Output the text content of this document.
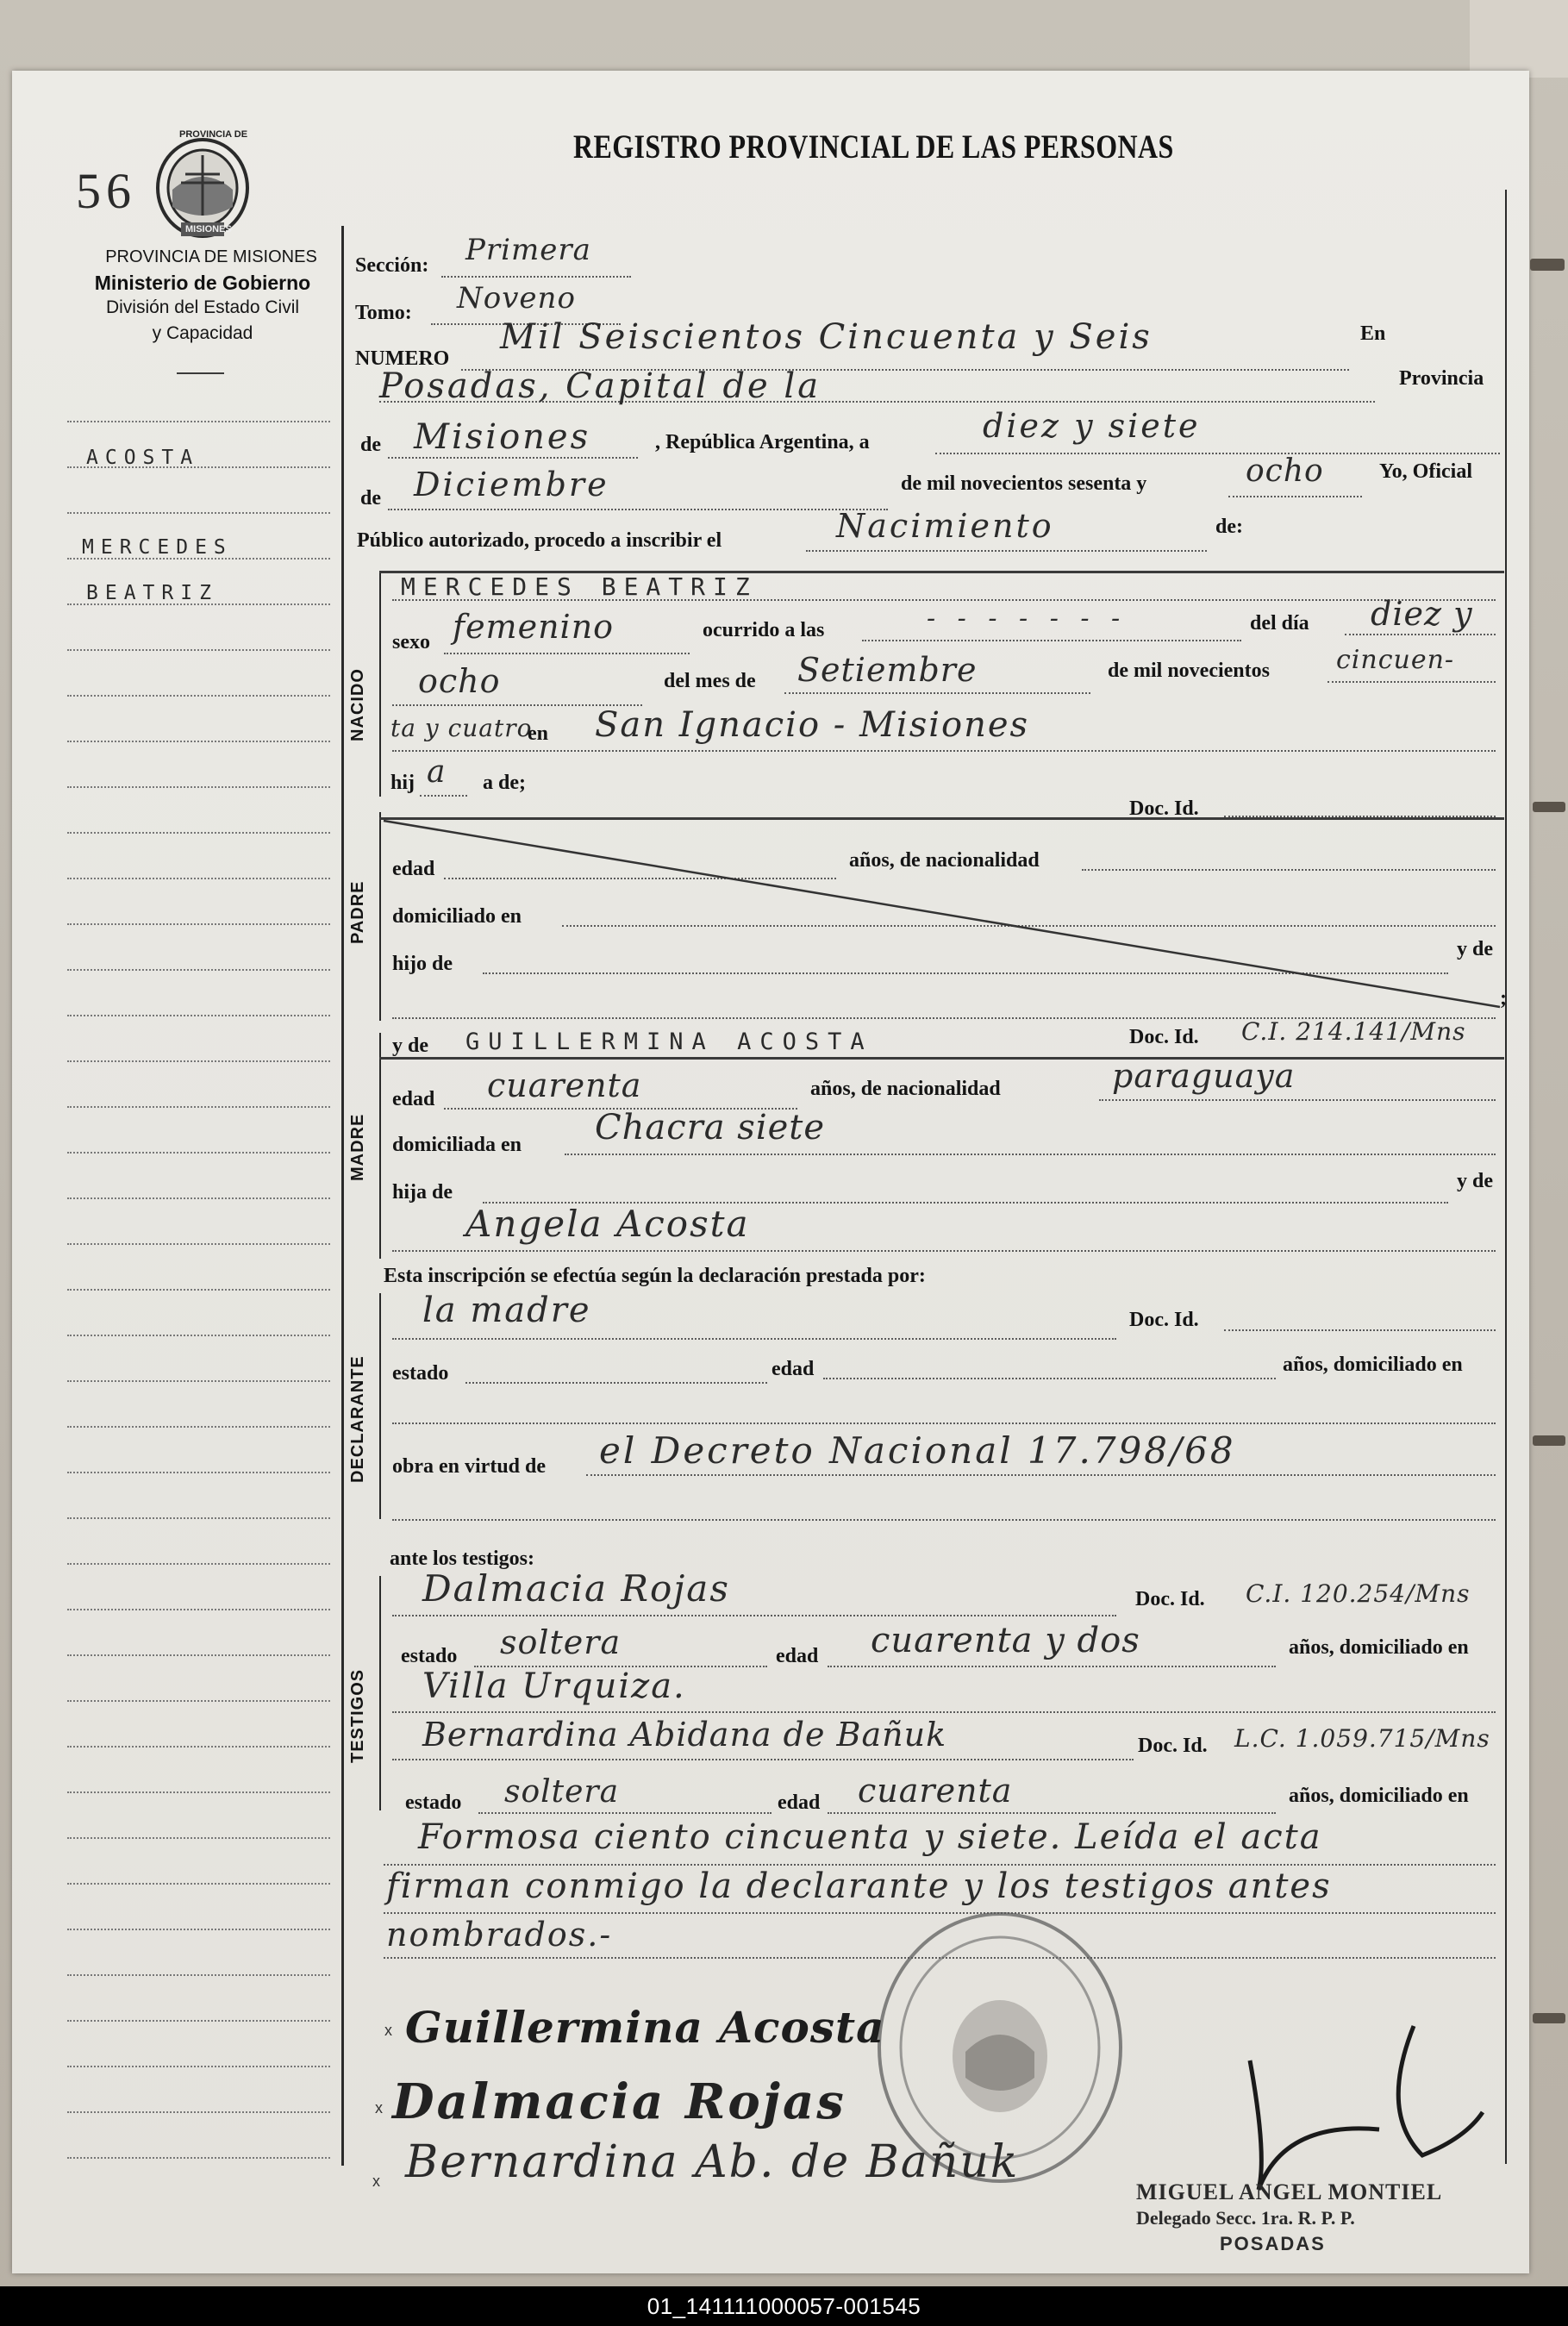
56
PROVINCIA DE
MISIONES
PROVINCIA DE MISIONES
Ministerio de Gobierno
División del Estado Civil
y Capacidad
REGISTRO PROVINCIAL DE LAS PERSONAS
ACOSTA
MERCEDES
BEATRIZ
Sección: Primera
Tomo: Noveno
NUMERO
Mil Seiscientos Cincuenta y Seis	En
Posadas, Capital de la	Provincia
de Misiones	, República Argentina, a	diez y siete
de Diciembre	de mil novecientos sesenta y	ocho	Yo, Oficial
Público autorizado, procedo a inscribir el	Nacimiento	de:
NACIDO
MERCEDES BEATRIZ
sexo femenino	ocurrido a las	- - - - - - -	del día diez y
ocho	del mes de Setiembre	de mil novecientos	cincuen-
ta y cuatro
en San Ignacio - Misiones
hij a a de;
Doc. Id.
PADRE
edad	años, de nacionalidad
domiciliado en
hijo de
y de
;
MADRE
y de GUILLERMINA ACOSTA	Doc. Id. C.I. 214.141/Mns
edad cuarenta	años, de nacionalidad	paraguaya
domiciliada en Chacra siete
hija de	y de
Angela Acosta
Esta inscripción se efectúa según la declaración prestada por:
DECLARANTE
la madre	Doc. Id.
estado	edad	años, domiciliado en
obra en virtud de el Decreto Nacional 17.798/68
ante los testigos:
TESTIGOS
Dalmacia Rojas	Doc. Id. C.I. 120.254/Mns
estado soltera	edad cuarenta y dos	años, domiciliado en
Villa Urquiza.
Bernardina Abidana de Bañuk	Doc. Id. L.C. 1.059.715/Mns
estado soltera	edad cuarenta	años, domiciliado en
Formosa ciento cincuenta y siete. Leída el acta
firman conmigo la declarante y los testigos antes
nombrados.-
x Guillermina Acosta
x Dalmacia Rojas
x Bernardina Ab. de Bañuk
MIGUEL ANGEL MONTIEL
Delegado Secc. 1ra. R. P. P.
POSADAS
01_141111000057-001545
